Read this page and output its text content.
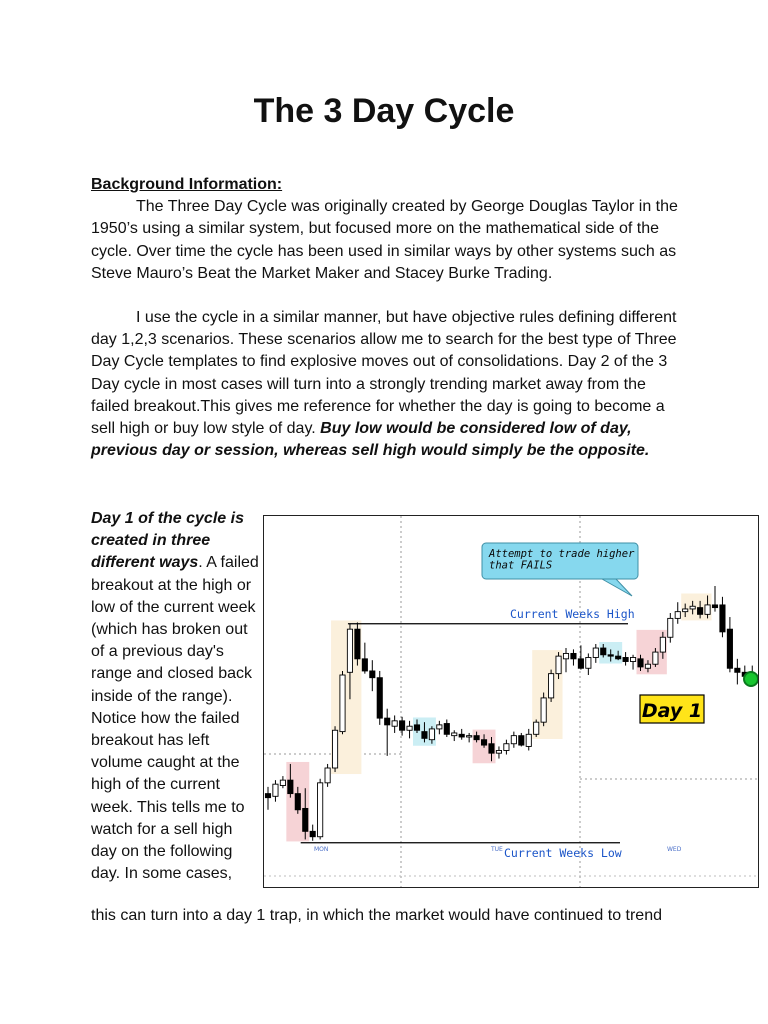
The 3 Day Cycle
Background Information:
The Three Day Cycle was originally created by George Douglas Taylor in the 1950’s using a similar system, but focused more on the mathematical side of the cycle. Over time the cycle has been used in similar ways by other systems such as Steve Mauro’s Beat the Market Maker and Stacey Burke Trading.
I use the cycle in a similar manner, but have objective rules defining different day 1,2,3 scenarios. These scenarios allow me to search for the best type of Three Day Cycle templates to find explosive moves out of consolidations. Day 2 of the 3 Day cycle in most cases will turn into a strongly trending market away from the failed breakout.This gives me reference for whether the day is going to become a sell high or buy low style of day. Buy low would be considered low of day, previous day or session, whereas sell high would simply be the opposite.
Day 1 of the cycle is created in three different ways. A failed breakout at the high or low of the current week (which has broken out of a previous day's range and closed back inside of the range). Notice how the failed breakout has left volume caught at the high of the current week. This tells me to watch for a sell high day on the following day. In some cases,
this can turn into a day 1 trap, in which the market would have continued to trend
Current Weeks High
Current Weeks Low
MON	TUE	WED
Attempt to trade higher
that FAILS
Day 1
